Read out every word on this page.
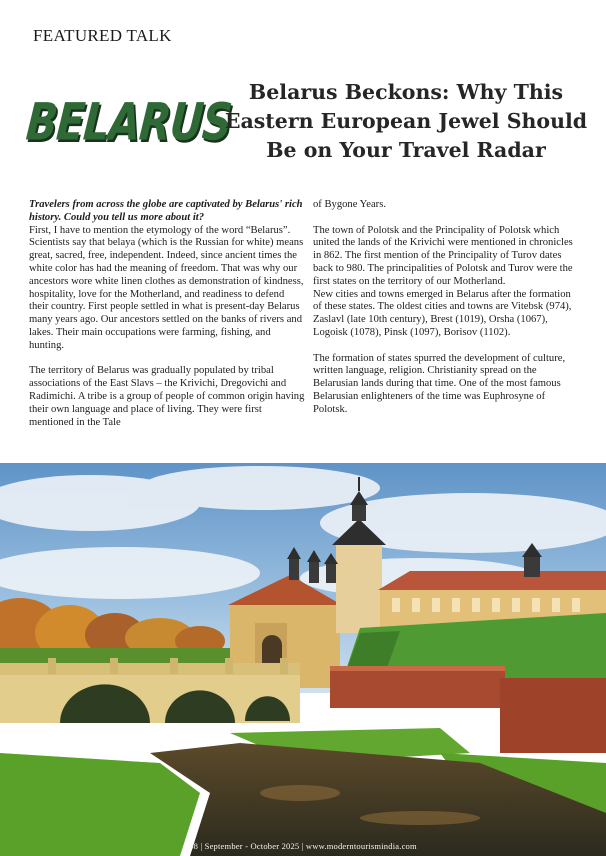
FEATURED TALK
BELARUS Belarus Beckons: Why This
Eastern European Jewel Should
Be on Your Travel Radar

Travelers from across the globe are captivated by Belarus' rich history. Could you tell us more about it?

First, I have to mention the etymology of the word “Belarus”. Scientists say that belaya (which is the Russian for white) means great, sacred, free, independent. Indeed, since ancient times the white color has had the meaning of freedom. That was why our ancestors wore white linen clothes as demonstration of kindness, hospitality, love for the Motherland, and readiness to defend their country. First people settled in what is present-day Belarus many years ago. Our ancestors settled on the banks of rivers and lakes. Their main occupations were farming, fishing, and hunting.

The territory of Belarus was gradually populated by tribal associations of the East Slavs – the Krivichi, Dregovichi and Radimichi. A tribe is a group of people of common origin having their own language and place of living. They were first mentioned in the Tale

of Bygone Years.

The town of Polotsk and the Principality of Polotsk which united the lands of the Krivichi were mentioned in chronicles in 862. The first mention of the Principality of Turov dates back to 980. The principalities of Polotsk and Turov were the first states on the territory of our Motherland.

New cities and towns emerged in Belarus after the formation of these states. The oldest cities and towns are Vitebsk (974), Zaslavl (late 10th century), Brest (1019), Orsha (1067), Logoisk (1078), Pinsk (1097), Borisov (1102).

The formation of states spurred the development of culture, written language, religion. Christianity spread on the Belarusian lands during that time. One of the most famous Belarusian enlighteners of the time was Euphrosyne of Polotsk.

48 | September - October 2025 | www.moderntourismindia.com
